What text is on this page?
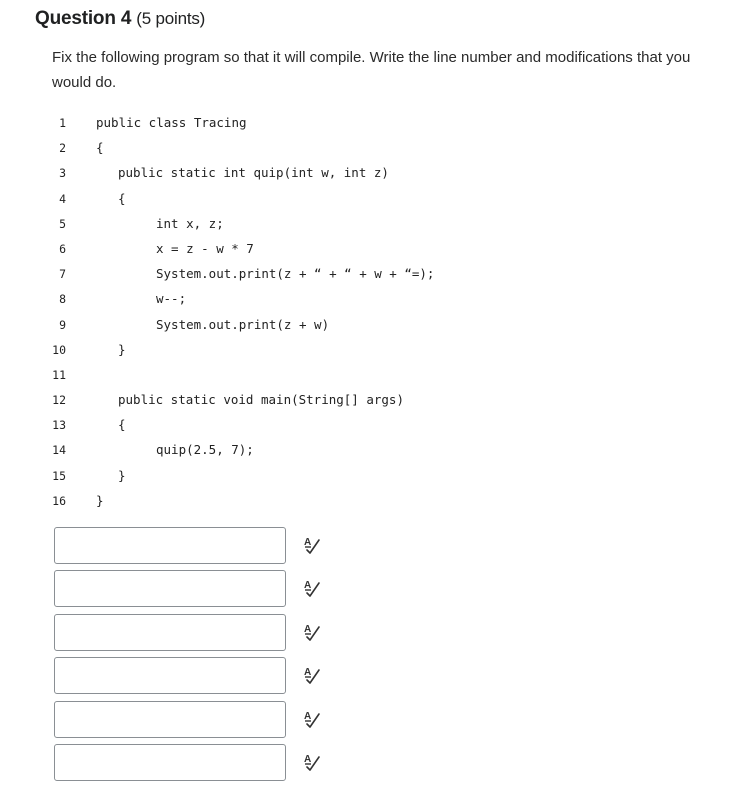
Question 4 (5 points)
Fix the following program so that it will compile. Write the line number and modifications that you would do.
1 public class Tracing
2 {
3	public static int quip(int w, int z)
4	{
5	int x, z;
6	x = z - w * 7
7	System.out.print(z + “ + “ + w + “=);
8	w--;
9	System.out.print(z + w)
10	}
11
12	public static void main(String[] args)
13	{
14	quip(2.5, 7);
15	}
16 }
A
A
A
A
A
A
